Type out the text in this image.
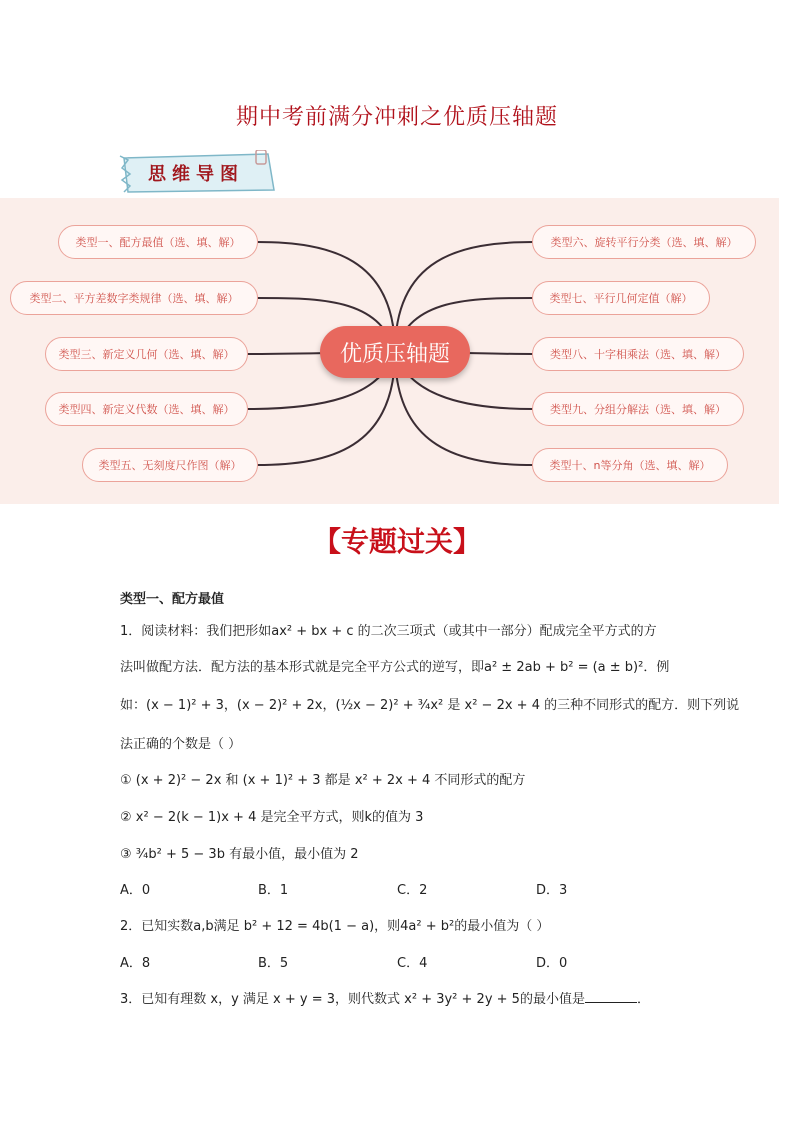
期中考前满分冲刺之优质压轴题
思维导图
类型一、配方最值（选、填、解）
类型二、平方差数字类规律（选、填、解）
类型三、新定义几何（选、填、解）
类型四、新定义代数（选、填、解）
类型五、无刻度尺作图（解）
类型六、旋转平行分类（选、填、解）
类型七、平行几何定值（解）
类型八、十字相乘法（选、填、解）
类型九、分组分解法（选、填、解）
类型十、n等分角（选、填、解）
优质压轴题
【专题过关】
类型一、配方最值
1．阅读材料：我们把形如ax² + bx + c 的二次三项式（或其中一部分）配成完全平方式的方
法叫做配方法．配方法的基本形式就是完全平方公式的逆写，即a² ± 2ab + b² = (a ± b)²．例
如：(x − 1)² + 3，(x − 2)² + 2x，(½x − 2)² + ¾x² 是 x² − 2x + 4 的三种不同形式的配方．则下列说
法正确的个数是（ ）
① (x + 2)² − 2x 和 (x + 1)² + 3 都是 x² + 2x + 4 不同形式的配方
② x² − 2(k − 1)x + 4 是完全平方式，则k的值为 3
③ ¾b² + 5 − 3b 有最小值，最小值为 2
A．0	B．1	C．2	D．3
2．已知实数a,b满足 b² + 12 = 4b(1 − a)，则4a² + b²的最小值为（ ）
A．8	B．5	C．4	D．0
3．已知有理数 x，y 满足 x + y = 3，则代数式 x² + 3y² + 2y + 5的最小值是	．
